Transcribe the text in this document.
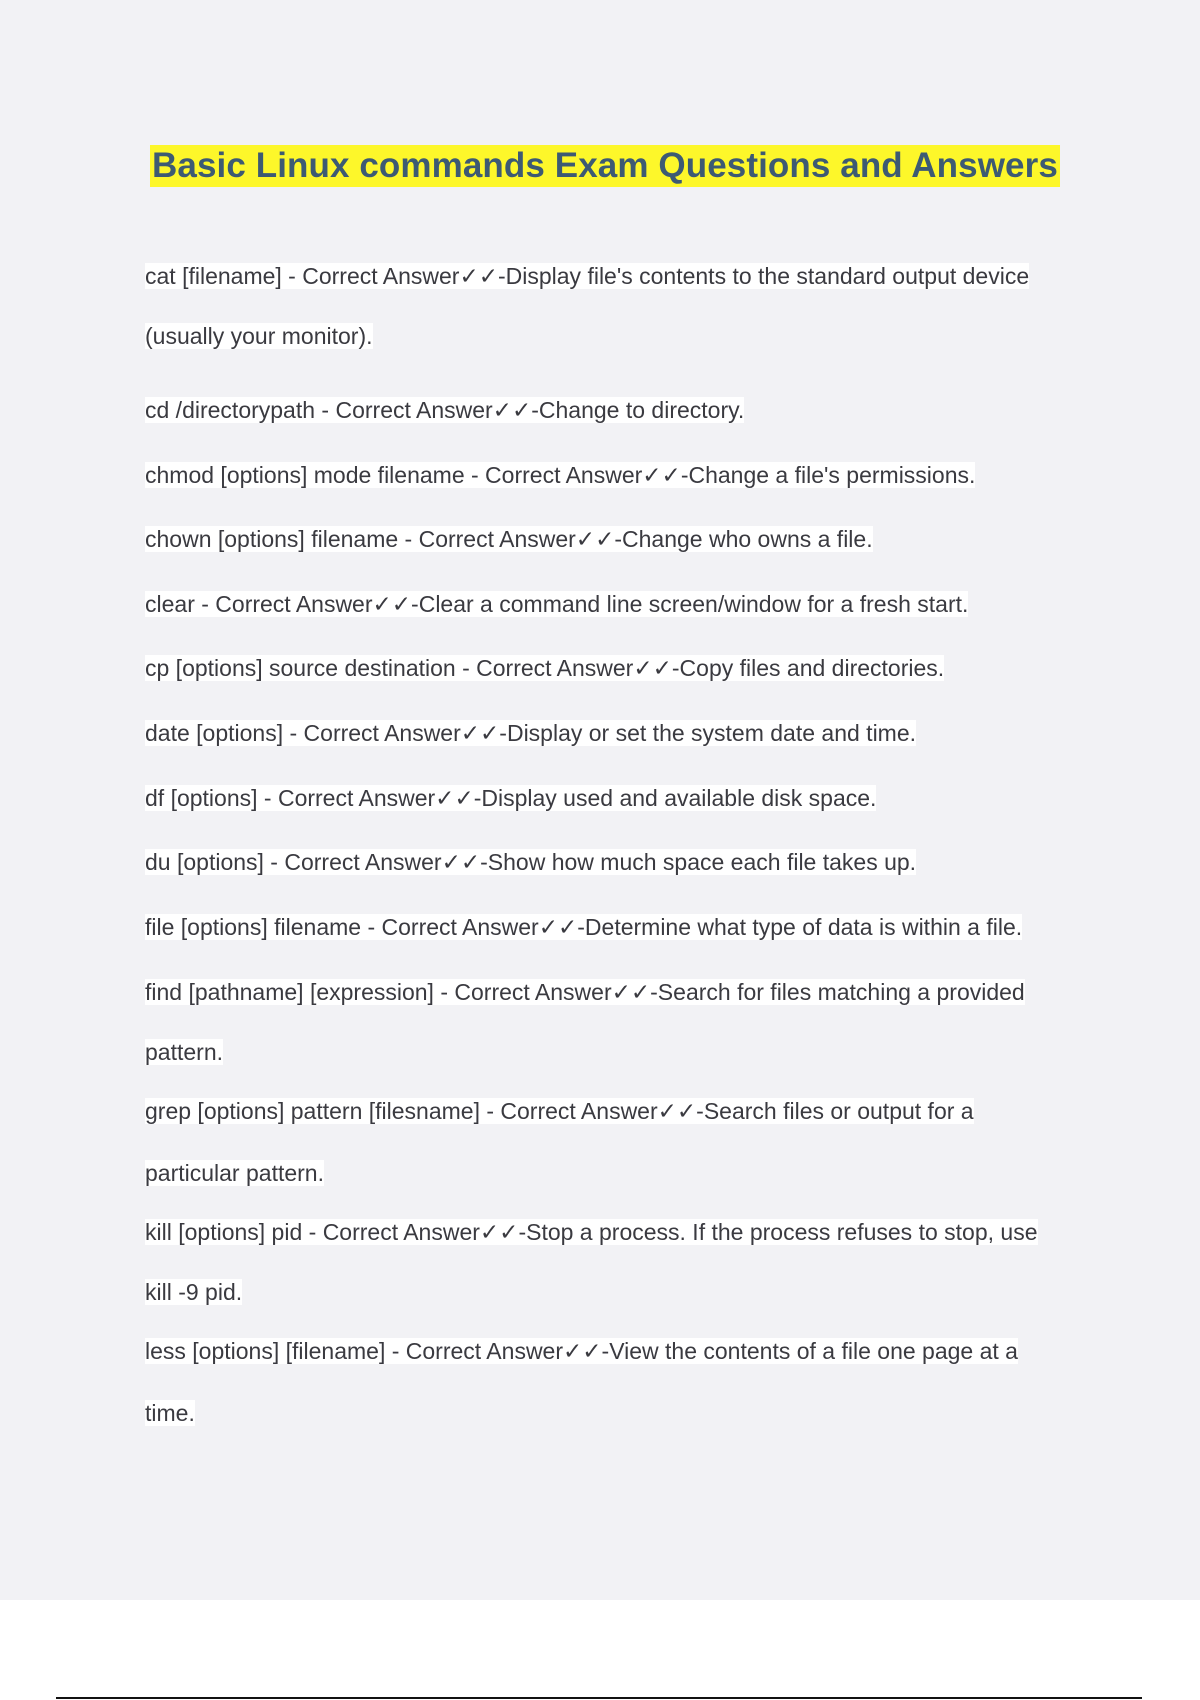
Basic Linux commands Exam Questions and Answers

cat [filename] - Correct Answer✓✓-Display file's contents to the standard output device

(usually your monitor).

cd /directorypath - Correct Answer✓✓-Change to directory.

chmod [options] mode filename - Correct Answer✓✓-Change a file's permissions.

chown [options] filename - Correct Answer✓✓-Change who owns a file.

clear - Correct Answer✓✓-Clear a command line screen/window for a fresh start.

cp [options] source destination - Correct Answer✓✓-Copy files and directories.

date [options] - Correct Answer✓✓-Display or set the system date and time.

df [options] - Correct Answer✓✓-Display used and available disk space.

du [options] - Correct Answer✓✓-Show how much space each file takes up.

file [options] filename - Correct Answer✓✓-Determine what type of data is within a file.

find [pathname] [expression] - Correct Answer✓✓-Search for files matching a provided

pattern.

grep [options] pattern [filesname] - Correct Answer✓✓-Search files or output for a

particular pattern.

kill [options] pid - Correct Answer✓✓-Stop a process. If the process refuses to stop, use

kill -9 pid.

less [options] [filename] - Correct Answer✓✓-View the contents of a file one page at a

time.
